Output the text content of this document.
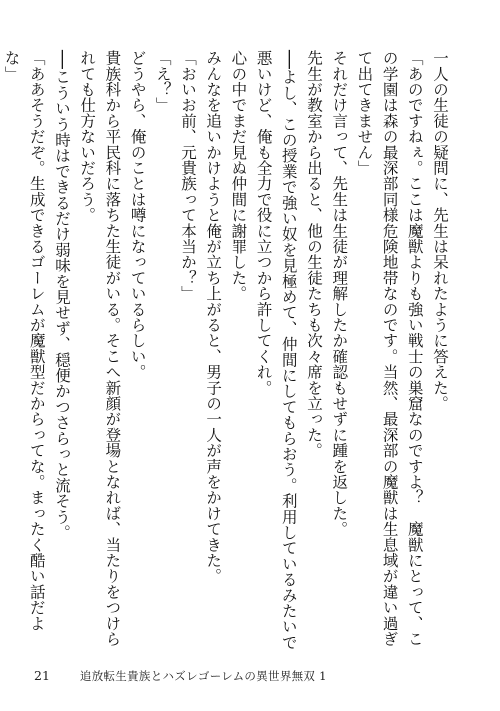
一人の生徒の疑問に、先生は呆れたように答えた。

「あのですねぇ。ここは魔獣よりも強い戦士の巣窟なのですよ？　魔獣にとって、この学園は森の最深部同様危険地帯なのです。当然、最深部の魔獣は生息域が違い過ぎて出てきません」

それだけ言って、先生は生徒が理解したか確認もせずに踵を返した。

先生が教室から出ると、他の生徒たちも次々席を立った。

──よし、この授業で強い奴を見極めて、仲間にしてもらおう。利用しているみたいで悪いけど、俺も全力で役に立つから許してくれ。

心の中でまだ見ぬ仲間に謝罪した。

みんなを追いかけようと俺が立ち上がると、男子の一人が声をかけてきた。

「おいお前、元貴族って本当か？」

「え？」

どうやら、俺のことは噂になっているらしい。

貴族科から平民科に落ちた生徒がいる。そこへ新顔が登場となれば、当たりをつけられても仕方ないだろう。

──こういう時はできるだけ弱味を見せず、穏便かつさらっと流そう。

「ああそうだぞ。生成できるゴーレムが魔獣型だからってな。まったく酷い話だよな」

21	追放転生貴族とハズレゴーレムの異世界無双 1
